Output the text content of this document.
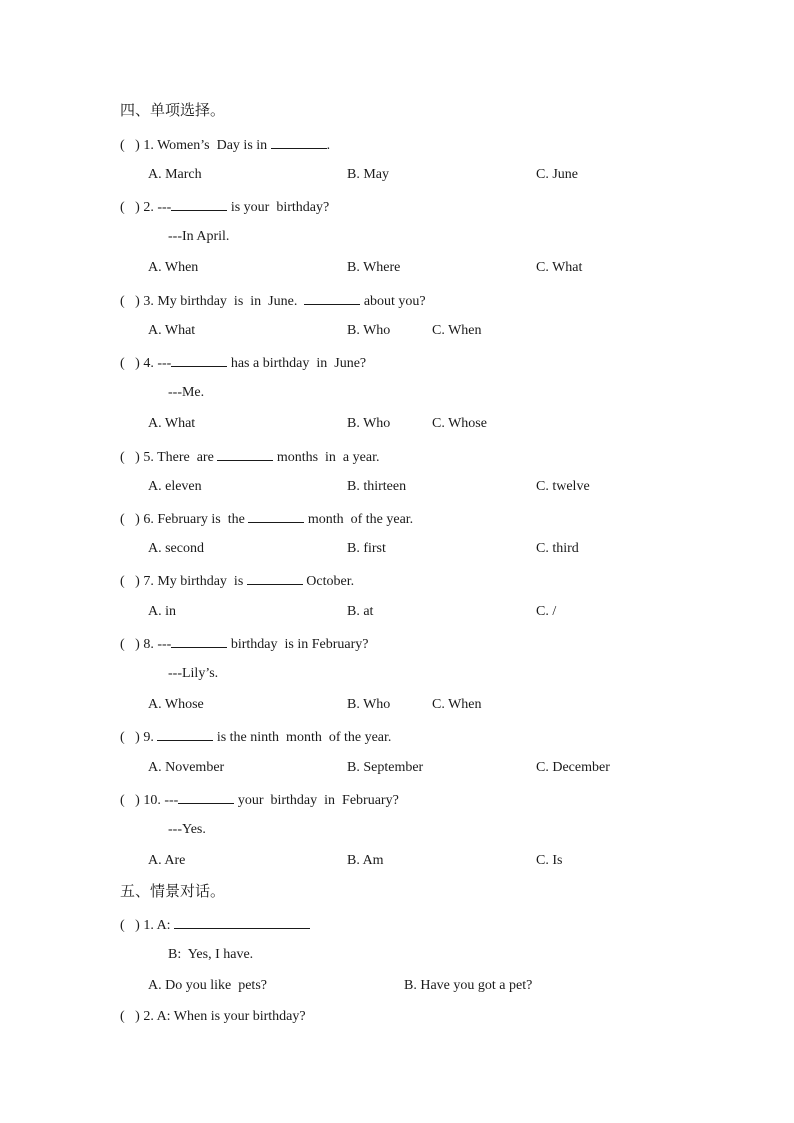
四、单项选择。
(   ) 1. Women’s  Day is in	.
A. March	B. May	C. June
(   ) 2. ---	is your  birthday?
---In April.
A. When	B. Where	C. What
(   ) 3. My birthday  is  in  June.	about you?
A. What	B. Who	C. When
(   ) 4. ---	has a birthday  in  June?
---Me.
A. What	B. Who	C. Whose
(   ) 5. There  are	months  in  a year.
A. eleven	B. thirteen	C. twelve
(   ) 6. February is  the	month  of the year.
A. second	B. first	C. third
(   ) 7. My birthday  is	October.
A. in	B. at	C. /
(   ) 8. ---	birthday  is in February?
---Lily’s.
A. Whose	B. Who	C. When
(   ) 9.	is the ninth  month  of the year.
A. November	B. September	C. December
(   ) 10. ---	your  birthday  in  February?
---Yes.
A. Are	B. Am	C. Is
五、情景对话。
(   ) 1. A:
B:  Yes, I have.
A. Do you like  pets?	B. Have you got a pet?
(   ) 2. A: When is your birthday?
